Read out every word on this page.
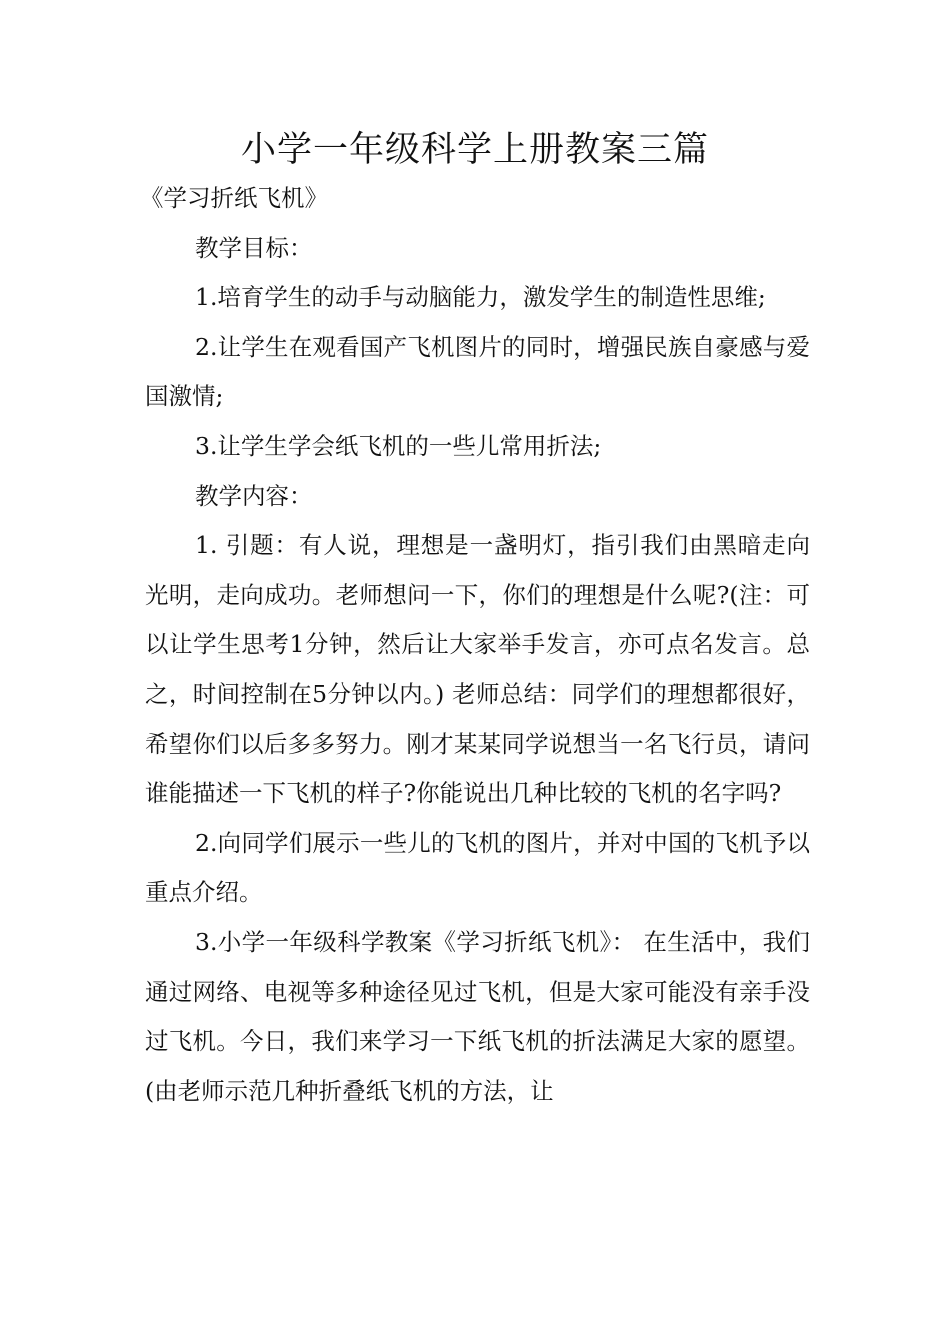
小学一年级科学上册教案三篇

《学习折纸飞机》

教学目标：

1.培育学生的动手与动脑能力，激发学生的制造性思维;

2.让学生在观看国产飞机图片的同时，增强民族自豪感与爱国激情;

3.让学生学会纸飞机的一些儿常用折法;

教学内容：

1. 引题：有人说，理想是一盏明灯，指引我们由黑暗走向光明，走向成功。老师想问一下，你们的理想是什么呢?(注：可以让学生思考1分钟，然后让大家举手发言，亦可点名发言。总之，时间控制在5分钟以内。) 老师总结：同学们的理想都很好，希望你们以后多多努力。刚才某某同学说想当一名飞行员，请问谁能描述一下飞机的样子?你能说出几种比较的飞机的名字吗?

2.向同学们展示一些儿的飞机的图片，并对中国的飞机予以重点介绍。

3.小学一年级科学教案《学习折纸飞机》： 在生活中，我们通过网络、电视等多种途径见过飞机，但是大家可能没有亲手没过飞机。今日，我们来学习一下纸飞机的折法满足大家的愿望。(由老师示范几种折叠纸飞机的方法，让
